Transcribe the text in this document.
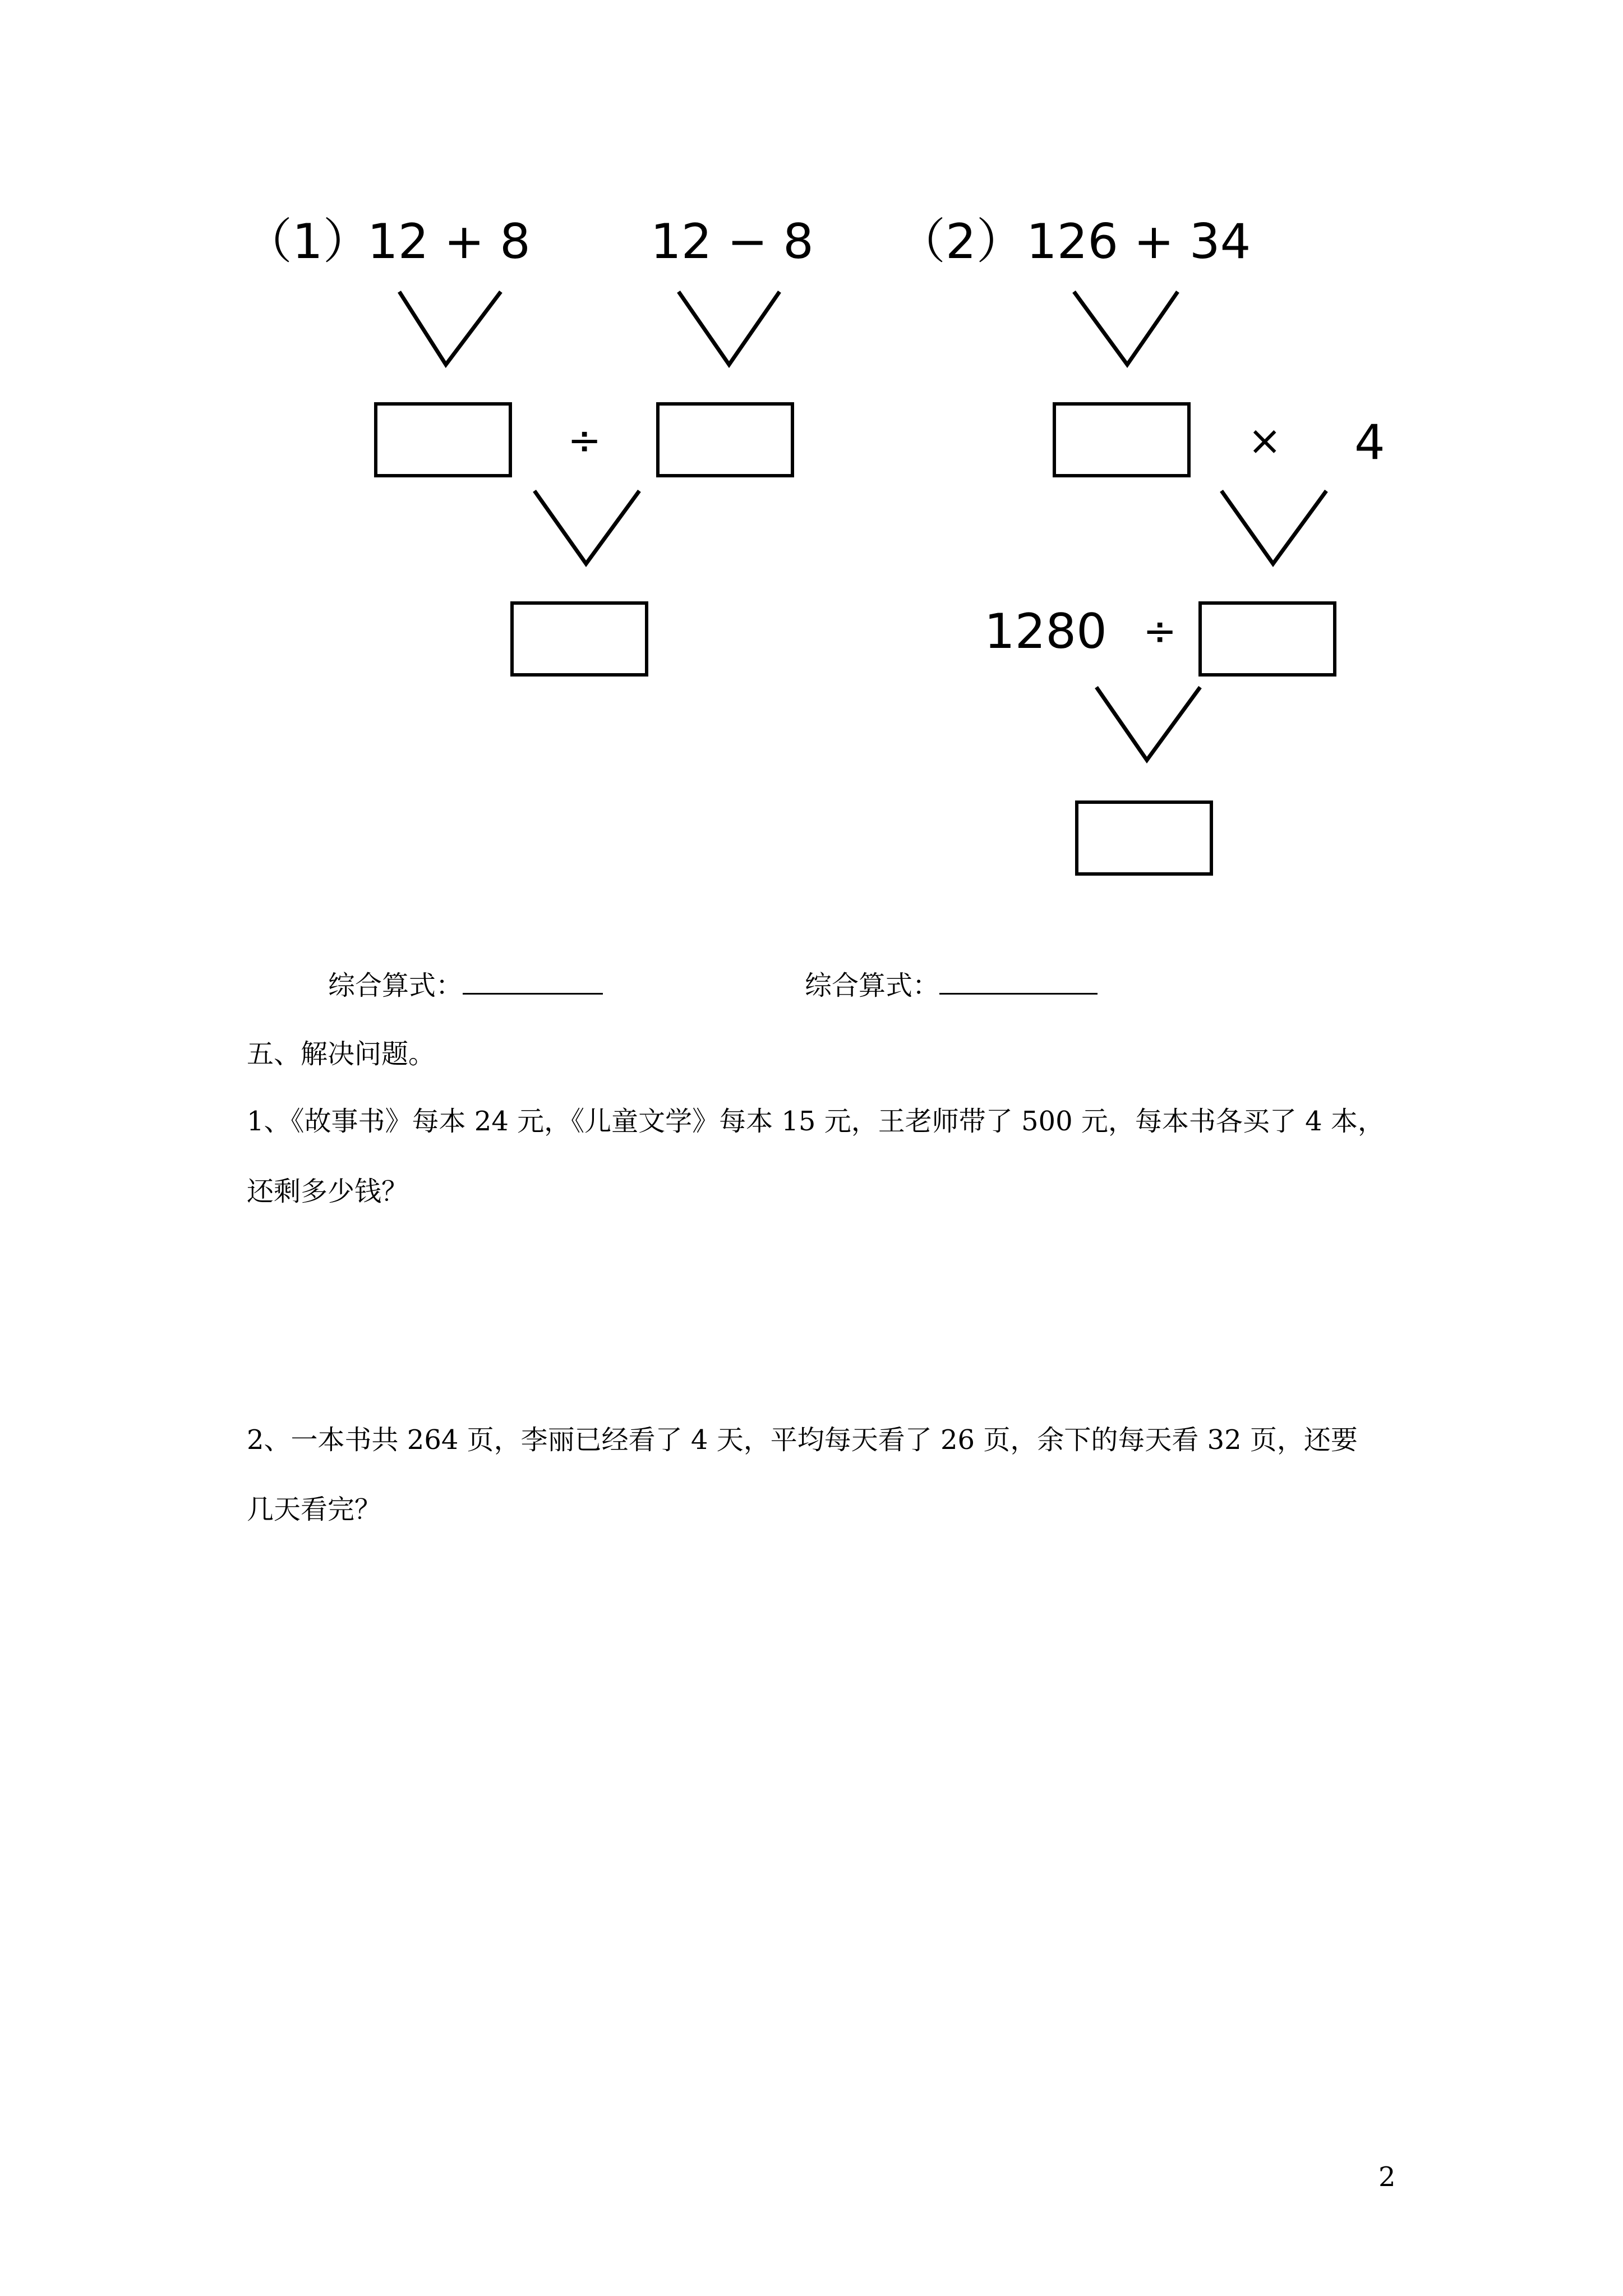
（1）
12 + 8 12 − 8
÷
（2） 126 + 34
× 4
1280 ÷
综合算式：	综合算式：
五、解决问题。
1、《故事书》每本 24 元，《儿童文学》每本 15 元，王老师带了 500 元，每本书各买了 4 本，
还剩多少钱？
2、一本书共 264 页，李丽已经看了 4 天，平均每天看了 26 页，余下的每天看 32 页，还要
几天看完？
2
